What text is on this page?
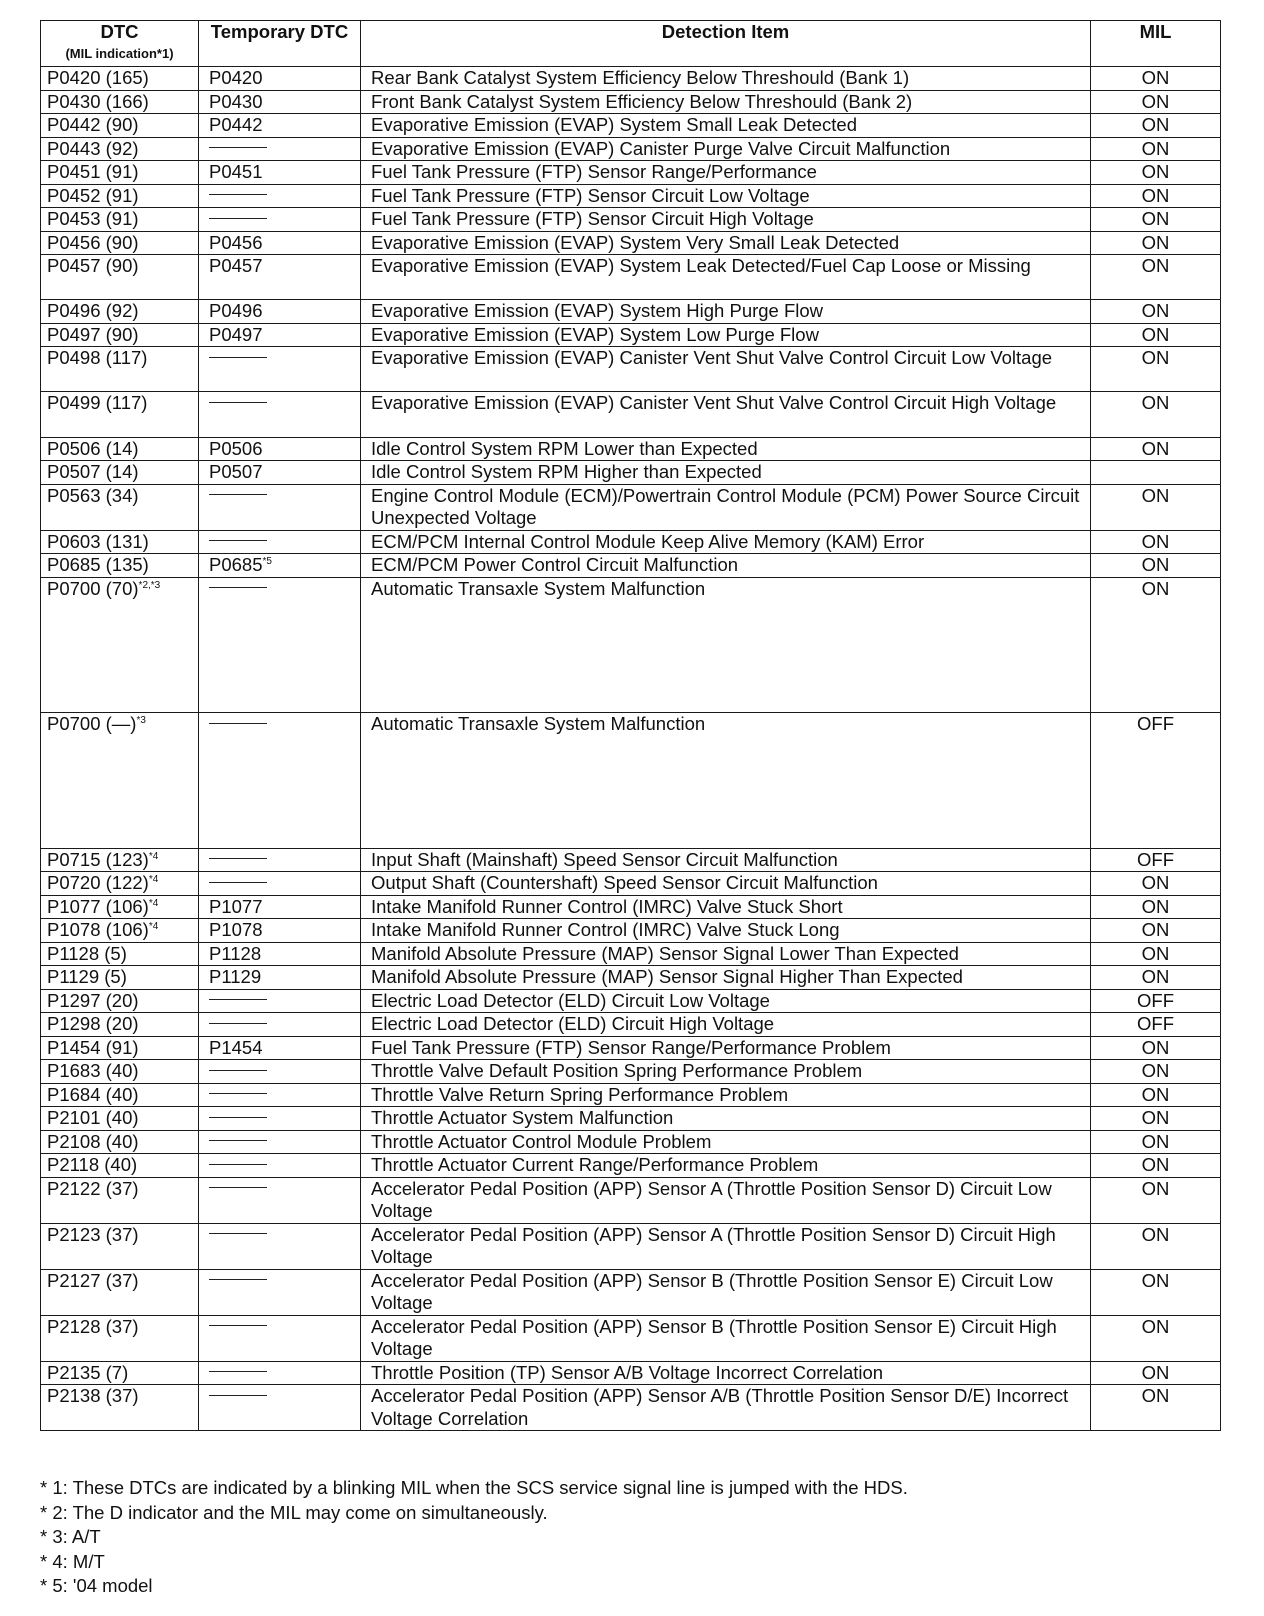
DTC
(MIL indication*1)	Temporary DTC	Detection Item	MIL
P0420 (165)	P0420	Rear Bank Catalyst System Efficiency Below Threshould (Bank 1)	ON
P0430 (166)	P0430	Front Bank Catalyst System Efficiency Below Threshould (Bank 2)	ON
P0442 (90)	P0442	Evaporative Emission (EVAP) System Small Leak Detected	ON
P0443 (92)		Evaporative Emission (EVAP) Canister Purge Valve Circuit Malfunction	ON
P0451 (91)	P0451	Fuel Tank Pressure (FTP) Sensor Range/Performance	ON
P0452 (91)		Fuel Tank Pressure (FTP) Sensor Circuit Low Voltage	ON
P0453 (91)		Fuel Tank Pressure (FTP) Sensor Circuit High Voltage	ON
P0456 (90)	P0456	Evaporative Emission (EVAP) System Very Small Leak Detected	ON
P0457 (90)	P0457	Evaporative Emission (EVAP) System Leak Detected/Fuel Cap Loose or Missing	ON
P0496 (92)	P0496	Evaporative Emission (EVAP) System High Purge Flow	ON
P0497 (90)	P0497	Evaporative Emission (EVAP) System Low Purge Flow	ON
P0498 (117)		Evaporative Emission (EVAP) Canister Vent Shut Valve Control Circuit Low Voltage	ON
P0499 (117)		Evaporative Emission (EVAP) Canister Vent Shut Valve Control Circuit High Voltage	ON
P0506 (14)	P0506	Idle Control System RPM Lower than Expected	ON
P0507 (14)	P0507	Idle Control System RPM Higher than Expected	
P0563 (34)		Engine Control Module (ECM)/Powertrain Control Module (PCM) Power Source Circuit Unexpected Voltage	ON
P0603 (131)		ECM/PCM Internal Control Module Keep Alive Memory (KAM) Error	ON
P0685 (135)	P0685$^{*5}$	ECM/PCM Power Control Circuit Malfunction	ON
P0700 $(70)^{*2,*3}$		Automatic Transaxle System Malfunction	ON
P0700 (—)$^{*3}$		Automatic Transaxle System Malfunction	OFF
P0715 $(123)^{*4}$		Input Shaft (Mainshaft) Speed Sensor Circuit Malfunction	OFF
P0720 $(122)^{*4}$		Output Shaft (Countershaft) Speed Sensor Circuit Malfunction	ON
P1077 $(106)^{*4}$	P1077	Intake Manifold Runner Control (IMRC) Valve Stuck Short	ON
P1078 $(106)^{*4}$	P1078	Intake Manifold Runner Control (IMRC) Valve Stuck Long	ON
P1128 (5)	P1128	Manifold Absolute Pressure (MAP) Sensor Signal Lower Than Expected	ON
P1129 (5)	P1129	Manifold Absolute Pressure (MAP) Sensor Signal Higher Than Expected	ON
P1297 (20)		Electric Load Detector (ELD) Circuit Low Voltage	OFF
P1298 (20)		Electric Load Detector (ELD) Circuit High Voltage	OFF
P1454 (91)	P1454	Fuel Tank Pressure (FTP) Sensor Range/Performance Problem	ON
P1683 (40)		Throttle Valve Default Position Spring Performance Problem	ON
P1684 (40)		Throttle Valve Return Spring Performance Problem	ON
P2101 (40)		Throttle Actuator System Malfunction	ON
P2108 (40)		Throttle Actuator Control Module Problem	ON
P2118 (40)		Throttle Actuator Current Range/Performance Problem	ON
P2122 (37)		Accelerator Pedal Position (APP) Sensor A (Throttle Position Sensor D) Circuit Low Voltage	ON
P2123 (37)		Accelerator Pedal Position (APP) Sensor A (Throttle Position Sensor D) Circuit High Voltage	ON
P2127 (37)		Accelerator Pedal Position (APP) Sensor B (Throttle Position Sensor E) Circuit Low Voltage	ON
P2128 (37)		Accelerator Pedal Position (APP) Sensor B (Throttle Position Sensor E) Circuit High Voltage	ON
P2135 (7)		Throttle Position (TP) Sensor A/B Voltage Incorrect Correlation	ON
P2138 (37)		Accelerator Pedal Position (APP) Sensor A/B (Throttle Position Sensor D/E) Incorrect Voltage Correlation	ON
* 1: These DTCs are indicated by a blinking MIL when the SCS service signal line is jumped with the HDS.
* 2: The D indicator and the MIL may come on simultaneously.
* 3: A/T
* 4: M/T
* 5: '04 model
